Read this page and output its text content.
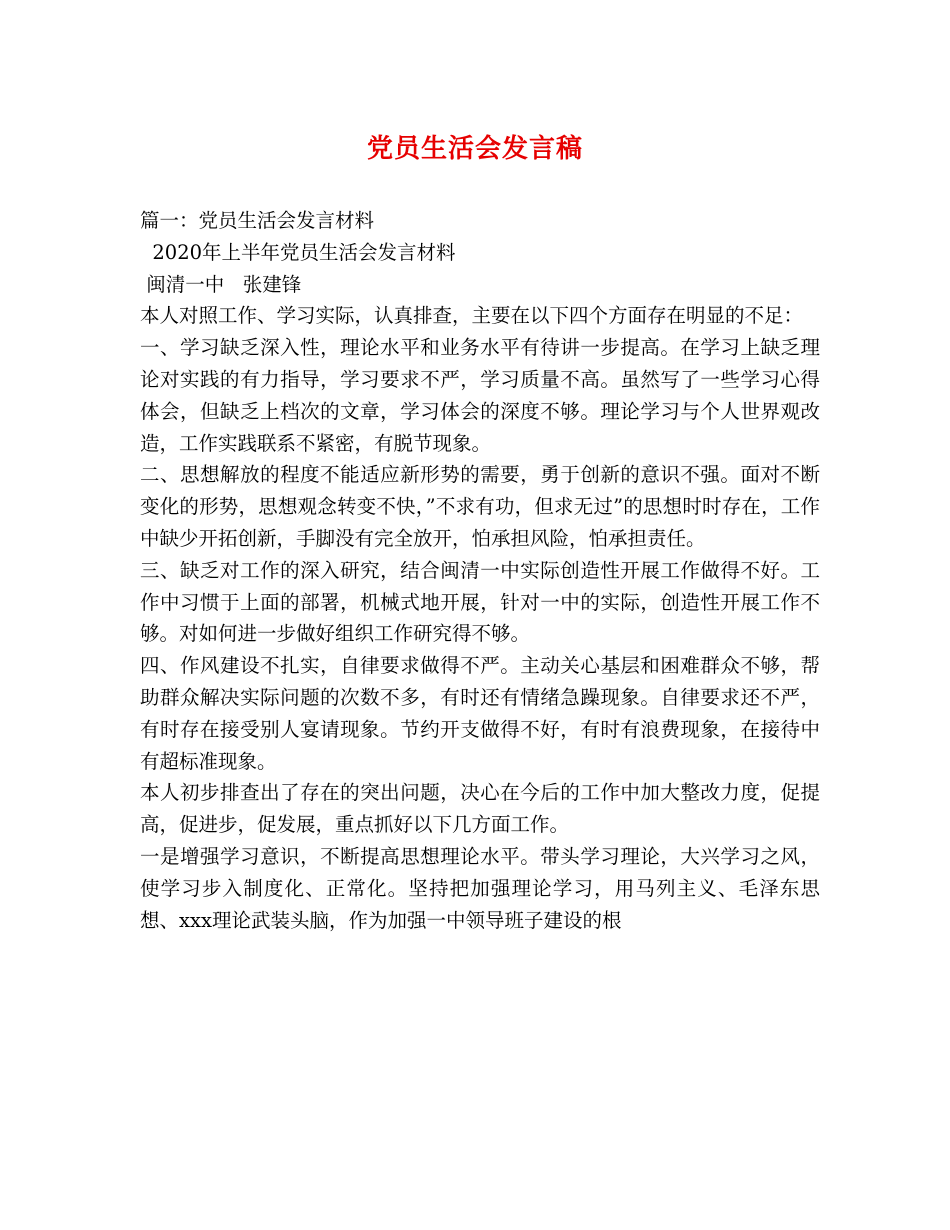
党员生活会发言稿
篇一：党员生活会发言材料
2020年上半年党员生活会发言材料
闽清一中   张建锋

本人对照工作、学习实际，认真排查，主要在以下四个方面存在明显的不足：

一、学习缺乏深入性，理论水平和业务水平有待讲一步提高。在学习上缺乏理论对实践的有力指导，学习要求不严，学习质量不高。虽然写了一些学习心得体会，但缺乏上档次的文章，学习体会的深度不够。理论学习与个人世界观改造，工作实践联系不紧密，有脱节现象。

二、思想解放的程度不能适应新形势的需要，勇于创新的意识不强。面对不断变化的形势，思想观念转变不快，”不求有功，但求无过”的思想时时存在，工作中缺少开拓创新，手脚没有完全放开，怕承担风险，怕承担责任。

三、缺乏对工作的深入研究，结合闽清一中实际创造性开展工作做得不好。工作中习惯于上面的部署，机械式地开展，针对一中的实际，创造性开展工作不够。对如何进一步做好组织工作研究得不够。

四、作风建设不扎实，自律要求做得不严。主动关心基层和困难群众不够，帮助群众解决实际问题的次数不多，有时还有情绪急躁现象。自律要求还不严，有时存在接受别人宴请现象。节约开支做得不好，有时有浪费现象，在接待中有超标准现象。

本人初步排查出了存在的突出问题，决心在今后的工作中加大整改力度，促提高，促进步，促发展，重点抓好以下几方面工作。

一是增强学习意识，不断提高思想理论水平。带头学习理论，大兴学习之风，使学习步入制度化、正常化。坚持把加强理论学习，用马列主义、毛泽东思想、xxx理论武装头脑，作为加强一中领导班子建设的根
